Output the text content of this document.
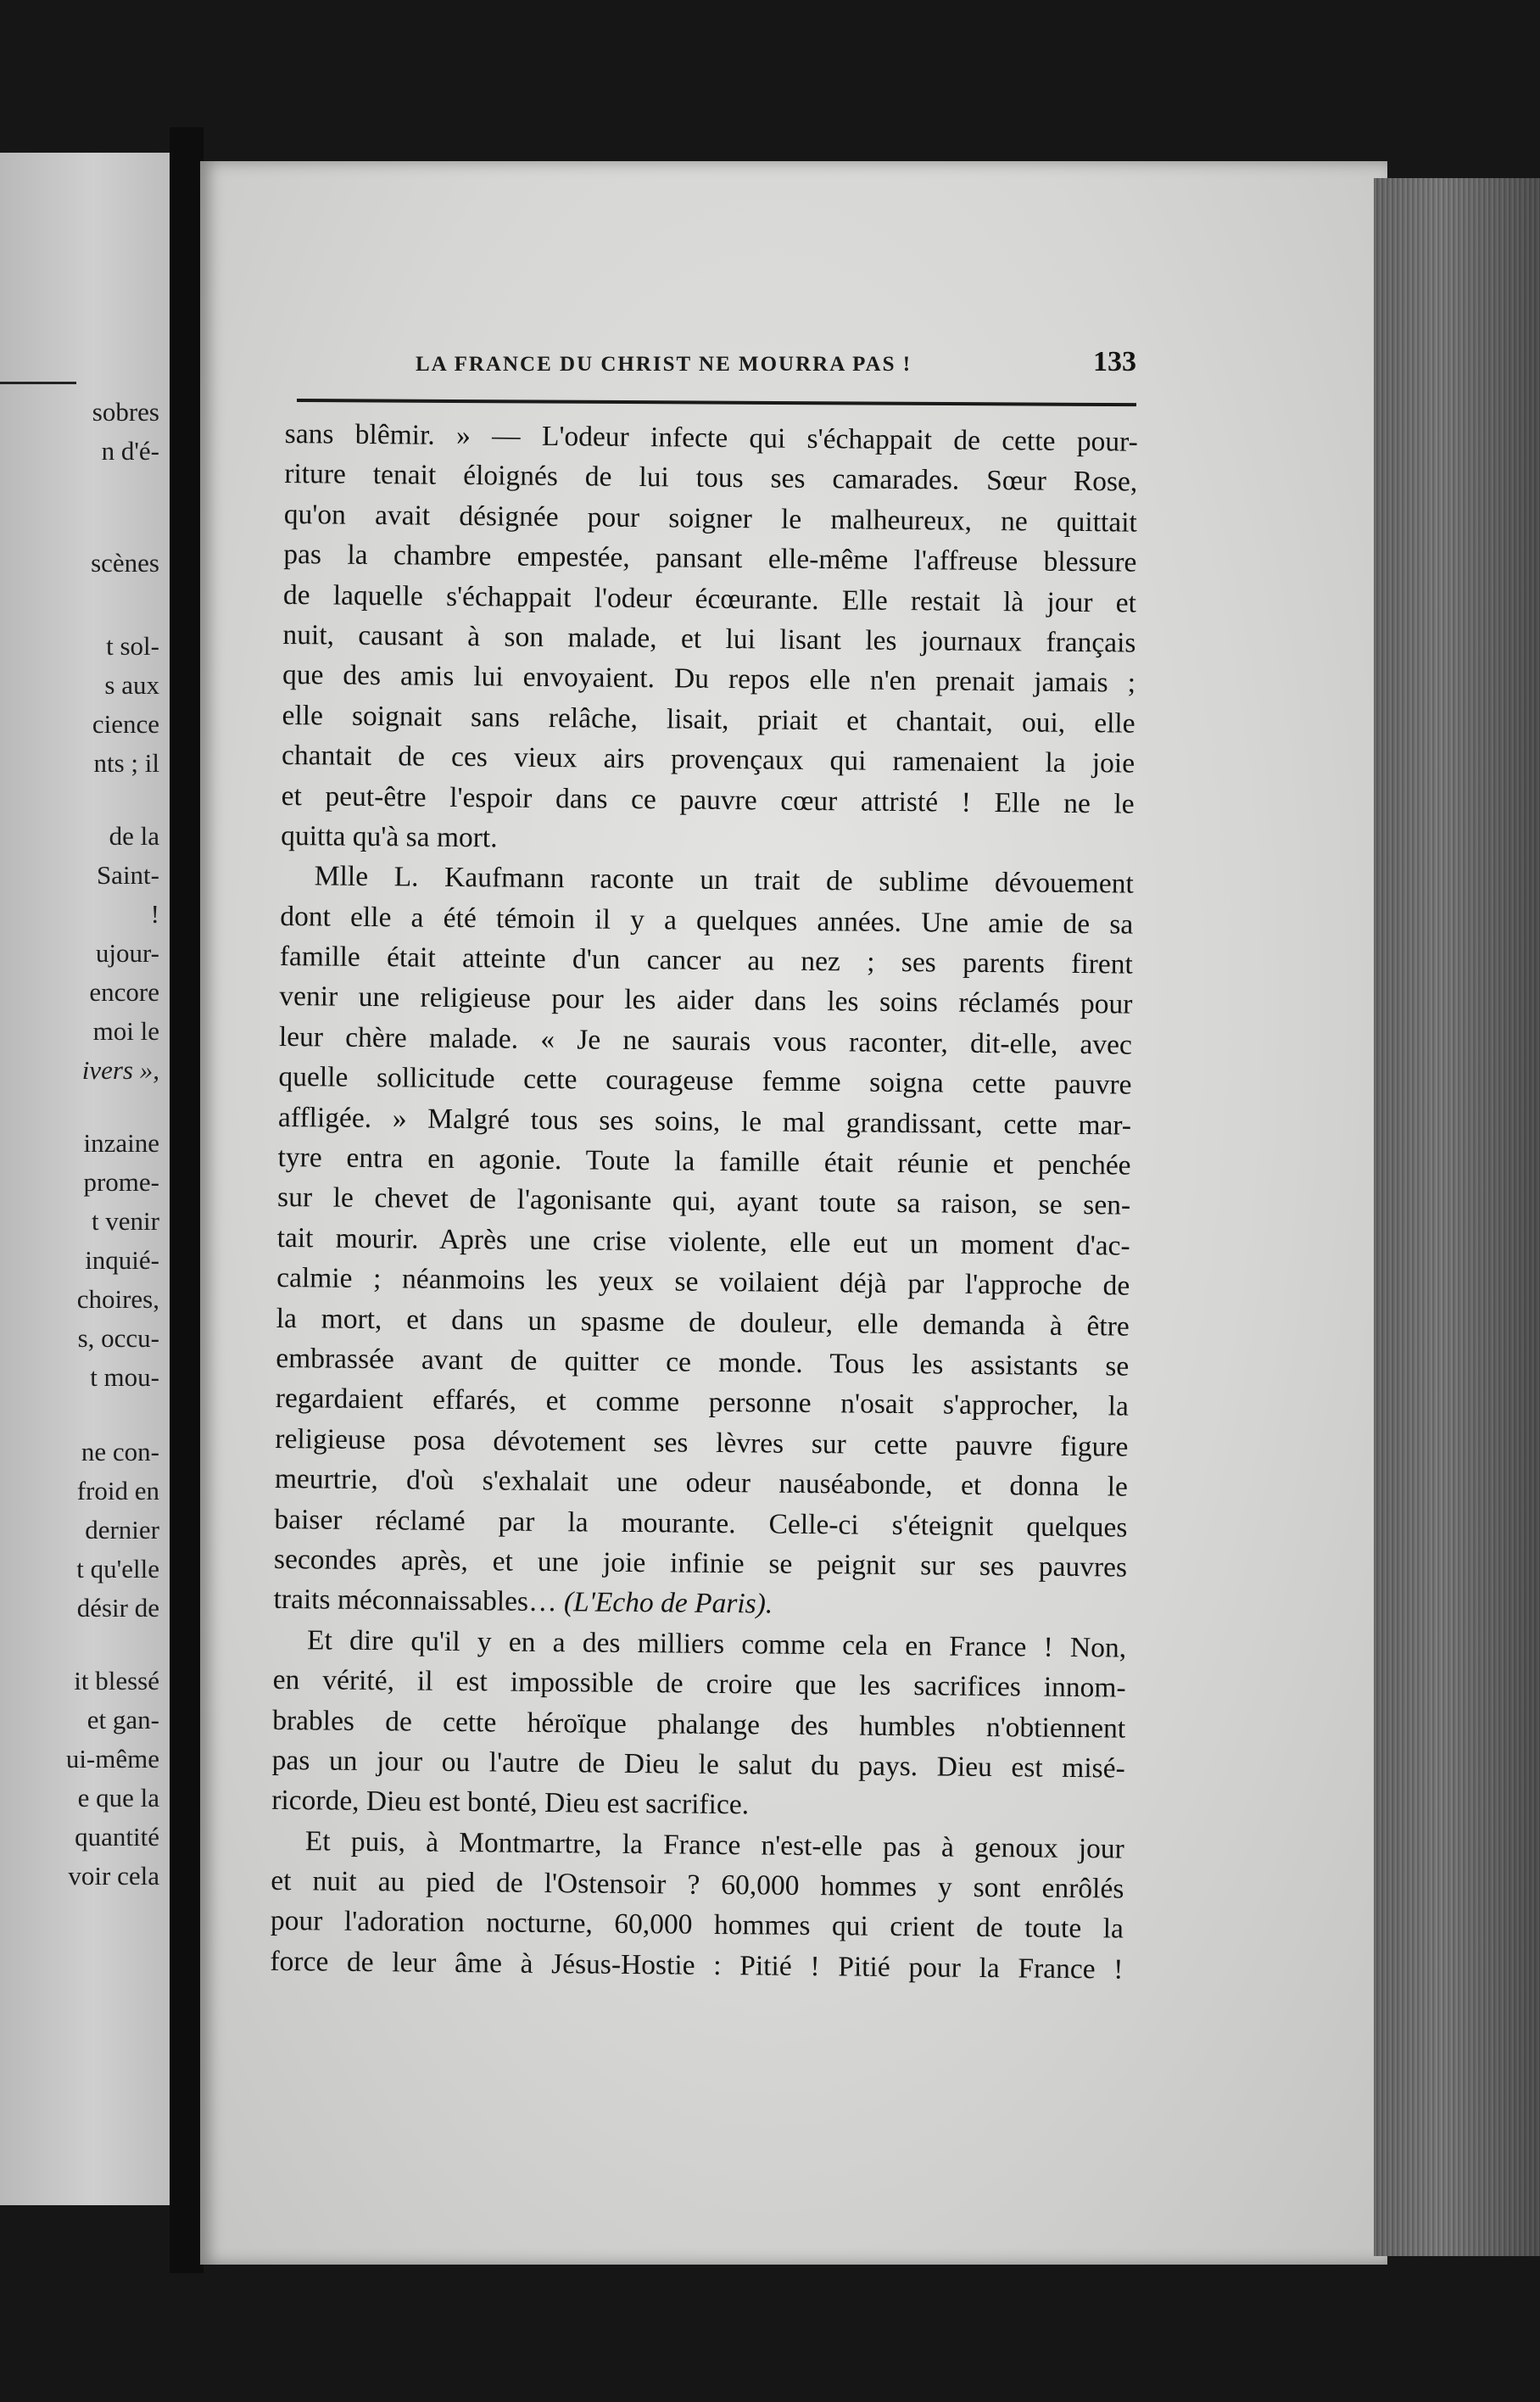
sobres
n d'é-
scènes
t sol-
s aux
cience
nts ; il
de la
Saint-
!
ujour-
encore
moi le
ivers »,
inzaine
prome-
t venir
inquié-
choires,
s, occu-
t mou-
ne con-
froid en
dernier
t qu'elle
désir de
it blessé
et gan-
ui-même
e que la
quantité
voir cela
LA FRANCE DU CHRIST NE MOURRA PAS !	133
sans blêmir. » — L'odeur infecte qui s'échappait de cette pour-
riture tenait éloignés de lui tous ses camarades. Sœur Rose,
qu'on avait désignée pour soigner le malheureux, ne quittait
pas la chambre empestée, pansant elle-même l'affreuse blessure
de laquelle s'échappait l'odeur écœurante. Elle restait là jour et
nuit, causant à son malade, et lui lisant les journaux français
que des amis lui envoyaient. Du repos elle n'en prenait jamais ;
elle soignait sans relâche, lisait, priait et chantait, oui, elle
chantait de ces vieux airs provençaux qui ramenaient la joie
et peut-être l'espoir dans ce pauvre cœur attristé ! Elle ne le
quitta qu'à sa mort.
Mlle L. Kaufmann raconte un trait de sublime dévouement
dont elle a été témoin il y a quelques années. Une amie de sa
famille était atteinte d'un cancer au nez ; ses parents firent
venir une religieuse pour les aider dans les soins réclamés pour
leur chère malade. « Je ne saurais vous raconter, dit-elle, avec
quelle sollicitude cette courageuse femme soigna cette pauvre
affligée. » Malgré tous ses soins, le mal grandissant, cette mar-
tyre entra en agonie. Toute la famille était réunie et penchée
sur le chevet de l'agonisante qui, ayant toute sa raison, se sen-
tait mourir. Après une crise violente, elle eut un moment d'ac-
calmie ; néanmoins les yeux se voilaient déjà par l'approche de
la mort, et dans un spasme de douleur, elle demanda à être
embrassée avant de quitter ce monde. Tous les assistants se
regardaient effarés, et comme personne n'osait s'approcher, la
religieuse posa dévotement ses lèvres sur cette pauvre figure
meurtrie, d'où s'exhalait une odeur nauséabonde, et donna le
baiser réclamé par la mourante. Celle-ci s'éteignit quelques
secondes après, et une joie infinie se peignit sur ses pauvres
traits méconnaissables… (L'Echo de Paris).
Et dire qu'il y en a des milliers comme cela en France ! Non,
en vérité, il est impossible de croire que les sacrifices innom-
brables de cette héroïque phalange des humbles n'obtiennent
pas un jour ou l'autre de Dieu le salut du pays. Dieu est misé-
ricorde, Dieu est bonté, Dieu est sacrifice.
Et puis, à Montmartre, la France n'est-elle pas à genoux jour
et nuit au pied de l'Ostensoir ? 60,000 hommes y sont enrôlés
pour l'adoration nocturne, 60,000 hommes qui crient de toute la
force de leur âme à Jésus-Hostie : Pitié ! Pitié pour la France !
